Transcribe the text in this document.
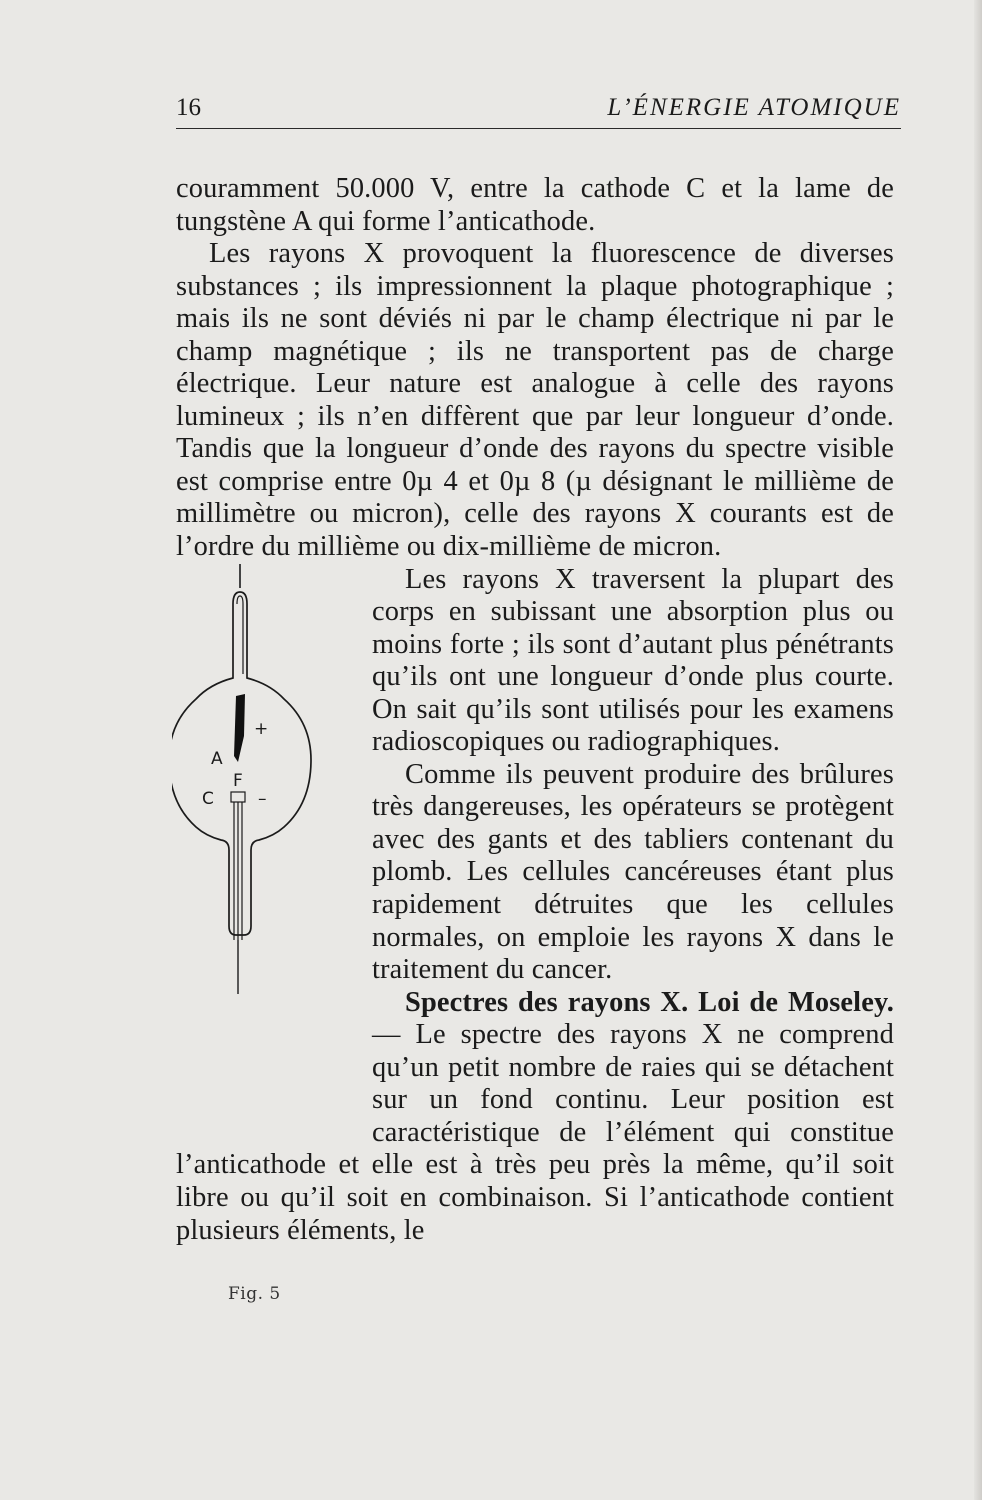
16	L’ÉNERGIE ATOMIQUE

couramment 50.000 V, entre la cathode C et la lame de tungstène A qui forme l’anticathode.

Les rayons X provoquent la fluorescence de diverses substances ; ils impressionnent la plaque photographique ; mais ils ne sont déviés ni par le champ électrique ni par le champ magnétique ; ils ne transportent pas de charge électrique. Leur nature est analogue à celle des rayons lumineux ; ils n’en diffèrent que par leur longueur d’onde. Tandis que la longueur d’onde des rayons du spectre visible est comprise entre 0µ 4 et 0µ 8 (µ désignant le millième de millimètre ou micron), celle des rayons X courants est de l’ordre du millième ou dix-millième de micron.

A
+
F
C	–
Fig. 5

Les rayons X traversent la plupart des corps en subissant une absorption plus ou moins forte ; ils sont d’autant plus pénétrants qu’ils ont une longueur d’onde plus courte. On sait qu’ils sont utilisés pour les examens radioscopiques ou radiographiques.

Comme ils peuvent produire des brûlures très dangereuses, les opérateurs se protègent avec des gants et des tabliers contenant du plomb. Les cellules cancéreuses étant plus rapidement détruites que les cellules normales, on emploie les rayons X dans le traitement du cancer.

Spectres des rayons X. Loi de Moseley. — Le spectre des rayons X ne comprend qu’un petit nombre de raies qui se détachent sur un fond continu. Leur position est caractéristique de l’élément qui constitue l’anticathode et elle est à très peu près la même, qu’il soit libre ou qu’il soit en combinaison. Si l’anticathode contient plusieurs éléments, le
